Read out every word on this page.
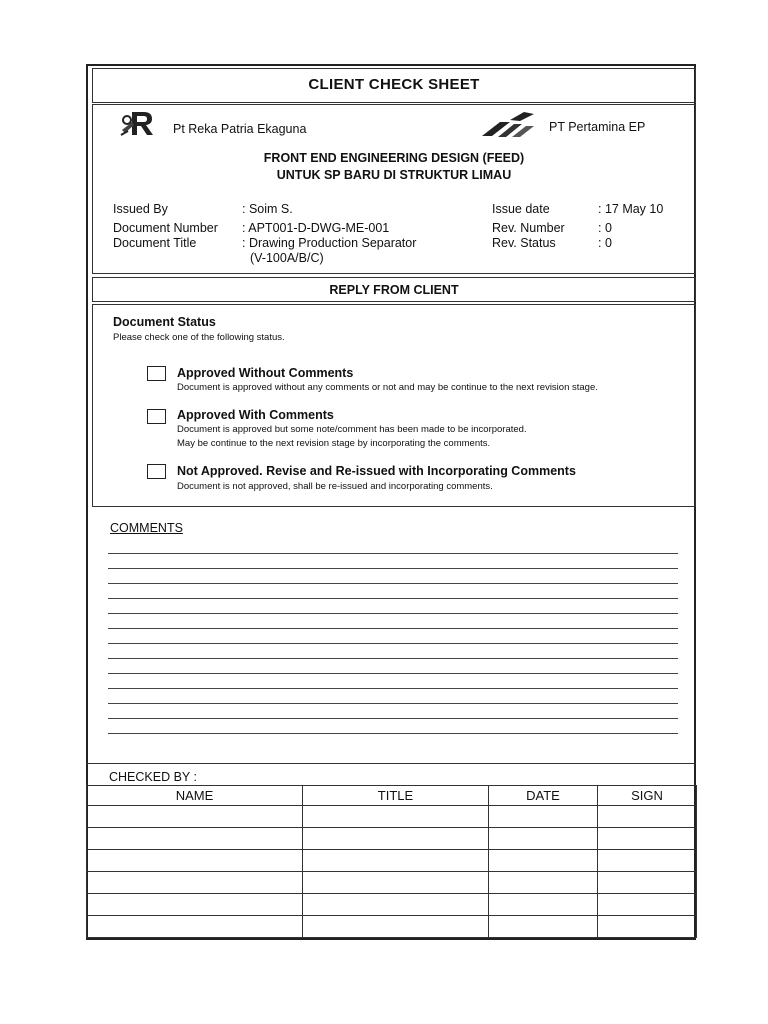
CLIENT CHECK SHEET
Pt Reka Patria Ekaguna	PT Pertamina EP
FRONT END ENGINEERING DESIGN (FEED)
UNTUK SP BARU DI STRUKTUR LIMAU
Issued By	: Soim S.
Document Number : APT001-D-DWG-ME-001
Document Title	: Drawing Production Separator
(V-100A/B/C)
Issue date	: 17 May 10
Rev. Number	: 0
Rev. Status	: 0
REPLY FROM CLIENT
Document Status
Please check one of the following status.
Approved Without Comments
Document is approved without any comments or not and may be continue to the next revision stage.
Approved With Comments
Document is approved but some note/comment has been made to be incorporated.
May be continue to the next revision stage by incorporating the comments.
Not Approved. Revise and Re-issued with Incorporating Comments
Document is not approved, shall be re-issued and incorporating comments.
COMMENTS
CHECKED BY :
NAME	TITLE	DATE	SIGN
